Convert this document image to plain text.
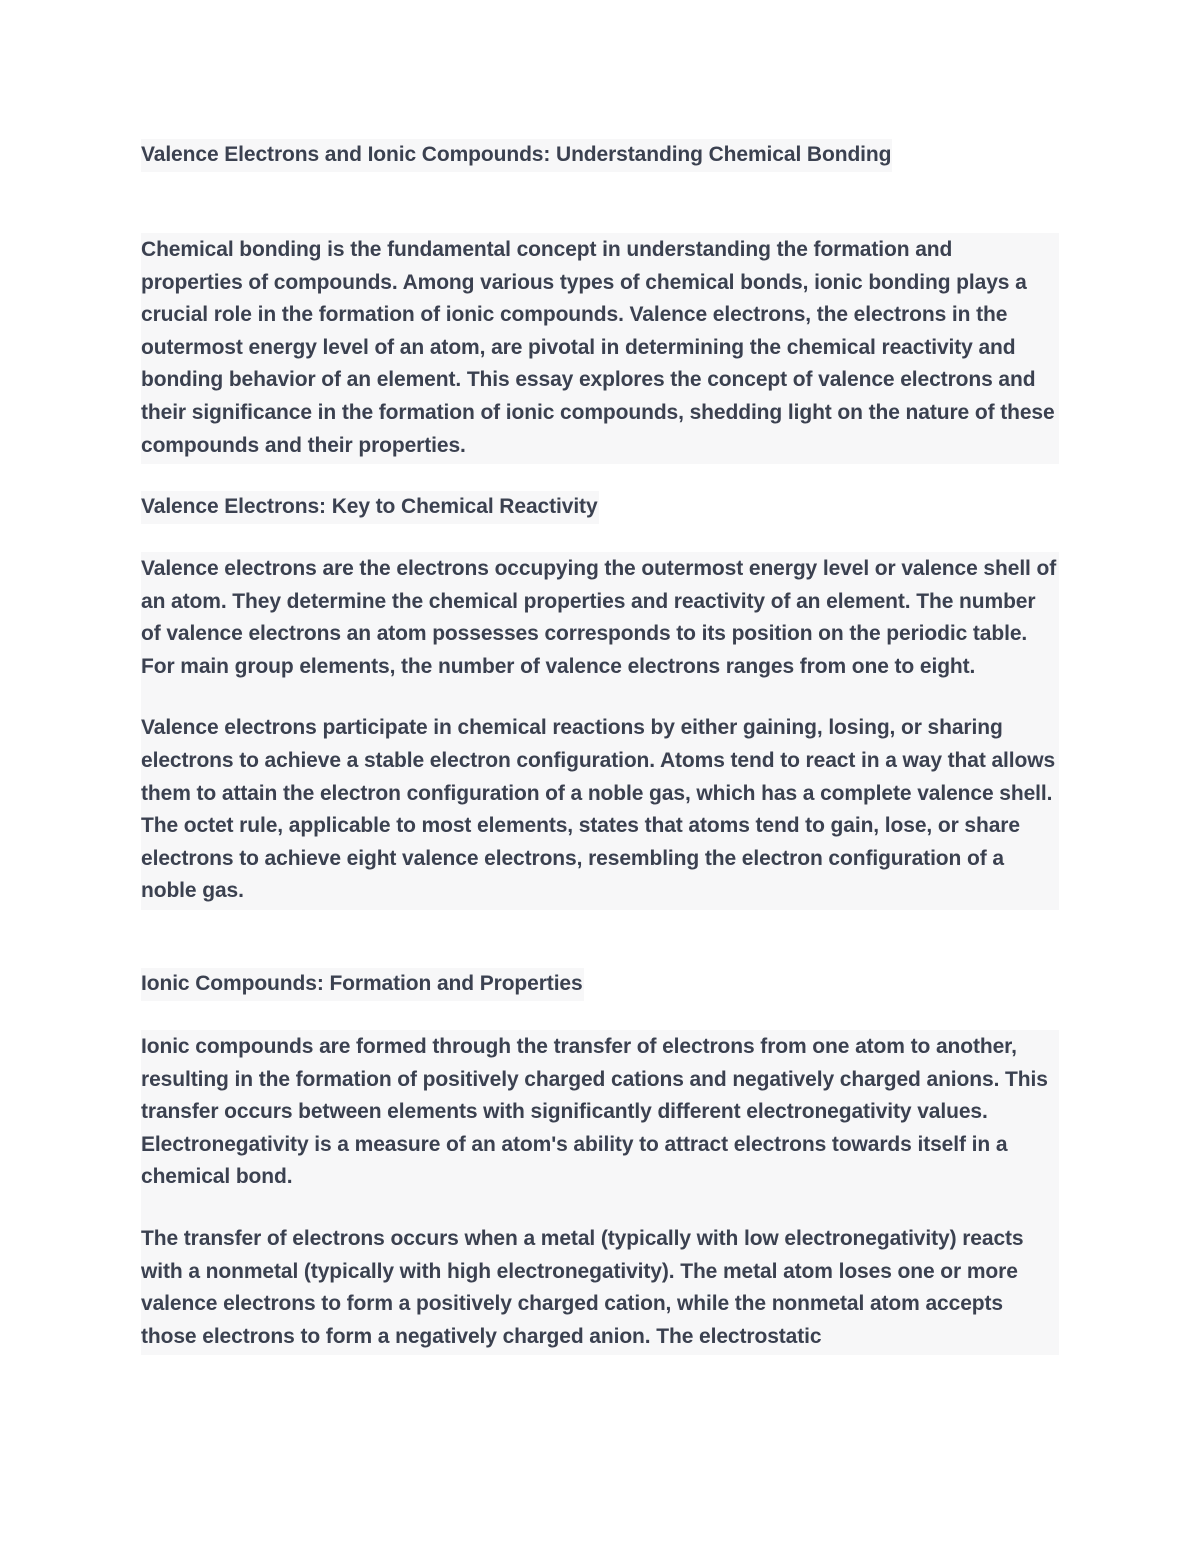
Valence Electrons and Ionic Compounds: Understanding Chemical Bonding

Chemical bonding is the fundamental concept in understanding the formation and properties of compounds. Among various types of chemical bonds, ionic bonding plays a crucial role in the formation of ionic compounds. Valence electrons, the electrons in the outermost energy level of an atom, are pivotal in determining the chemical reactivity and bonding behavior of an element. This essay explores the concept of valence electrons and their significance in the formation of ionic compounds, shedding light on the nature of these compounds and their properties.

Valence Electrons: Key to Chemical Reactivity

Valence electrons are the electrons occupying the outermost energy level or valence shell of an atom. They determine the chemical properties and reactivity of an element. The number of valence electrons an atom possesses corresponds to its position on the periodic table. For main group elements, the number of valence electrons ranges from one to eight.
Valence electrons participate in chemical reactions by either gaining, losing, or sharing electrons to achieve a stable electron configuration. Atoms tend to react in a way that allows them to attain the electron configuration of a noble gas, which has a complete valence shell. The octet rule, applicable to most elements, states that atoms tend to gain, lose, or share electrons to achieve eight valence electrons, resembling the electron configuration of a noble gas.

Ionic Compounds: Formation and Properties

Ionic compounds are formed through the transfer of electrons from one atom to another, resulting in the formation of positively charged cations and negatively charged anions. This transfer occurs between elements with significantly different electronegativity values. Electronegativity is a measure of an atom's ability to attract electrons towards itself in a chemical bond.
The transfer of electrons occurs when a metal (typically with low electronegativity) reacts with a nonmetal (typically with high electronegativity). The metal atom loses one or more valence electrons to form a positively charged cation, while the nonmetal atom accepts those electrons to form a negatively charged anion. The electrostatic
